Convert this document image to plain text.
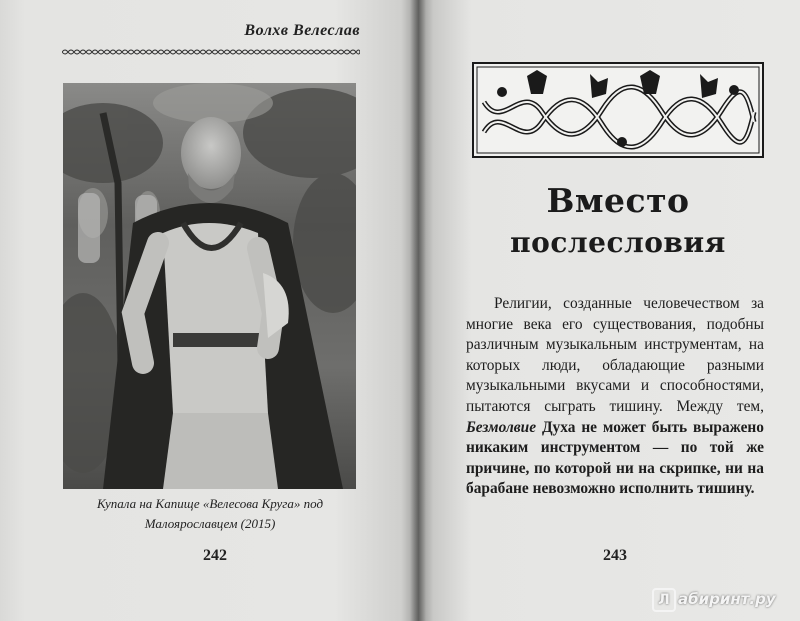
Волхв Велеслав
Купала на Капище «Велесова Круга» под
Малоярославцем (2015)
242
Вместо
послесловия

Религии, созданные человечеством за многие века его существования, подобны различным музыкальным инструментам, на которых люди, обладающие разными музыкальными вкусами и способностями, пытаются сыграть тишину. Между тем, Безмолвие Духа не может быть выражено никаким инструментом — по той же причине, по которой ни на скрипке, ни на барабане невозможно исполнить тишину.

243
Л абиринт.ру
